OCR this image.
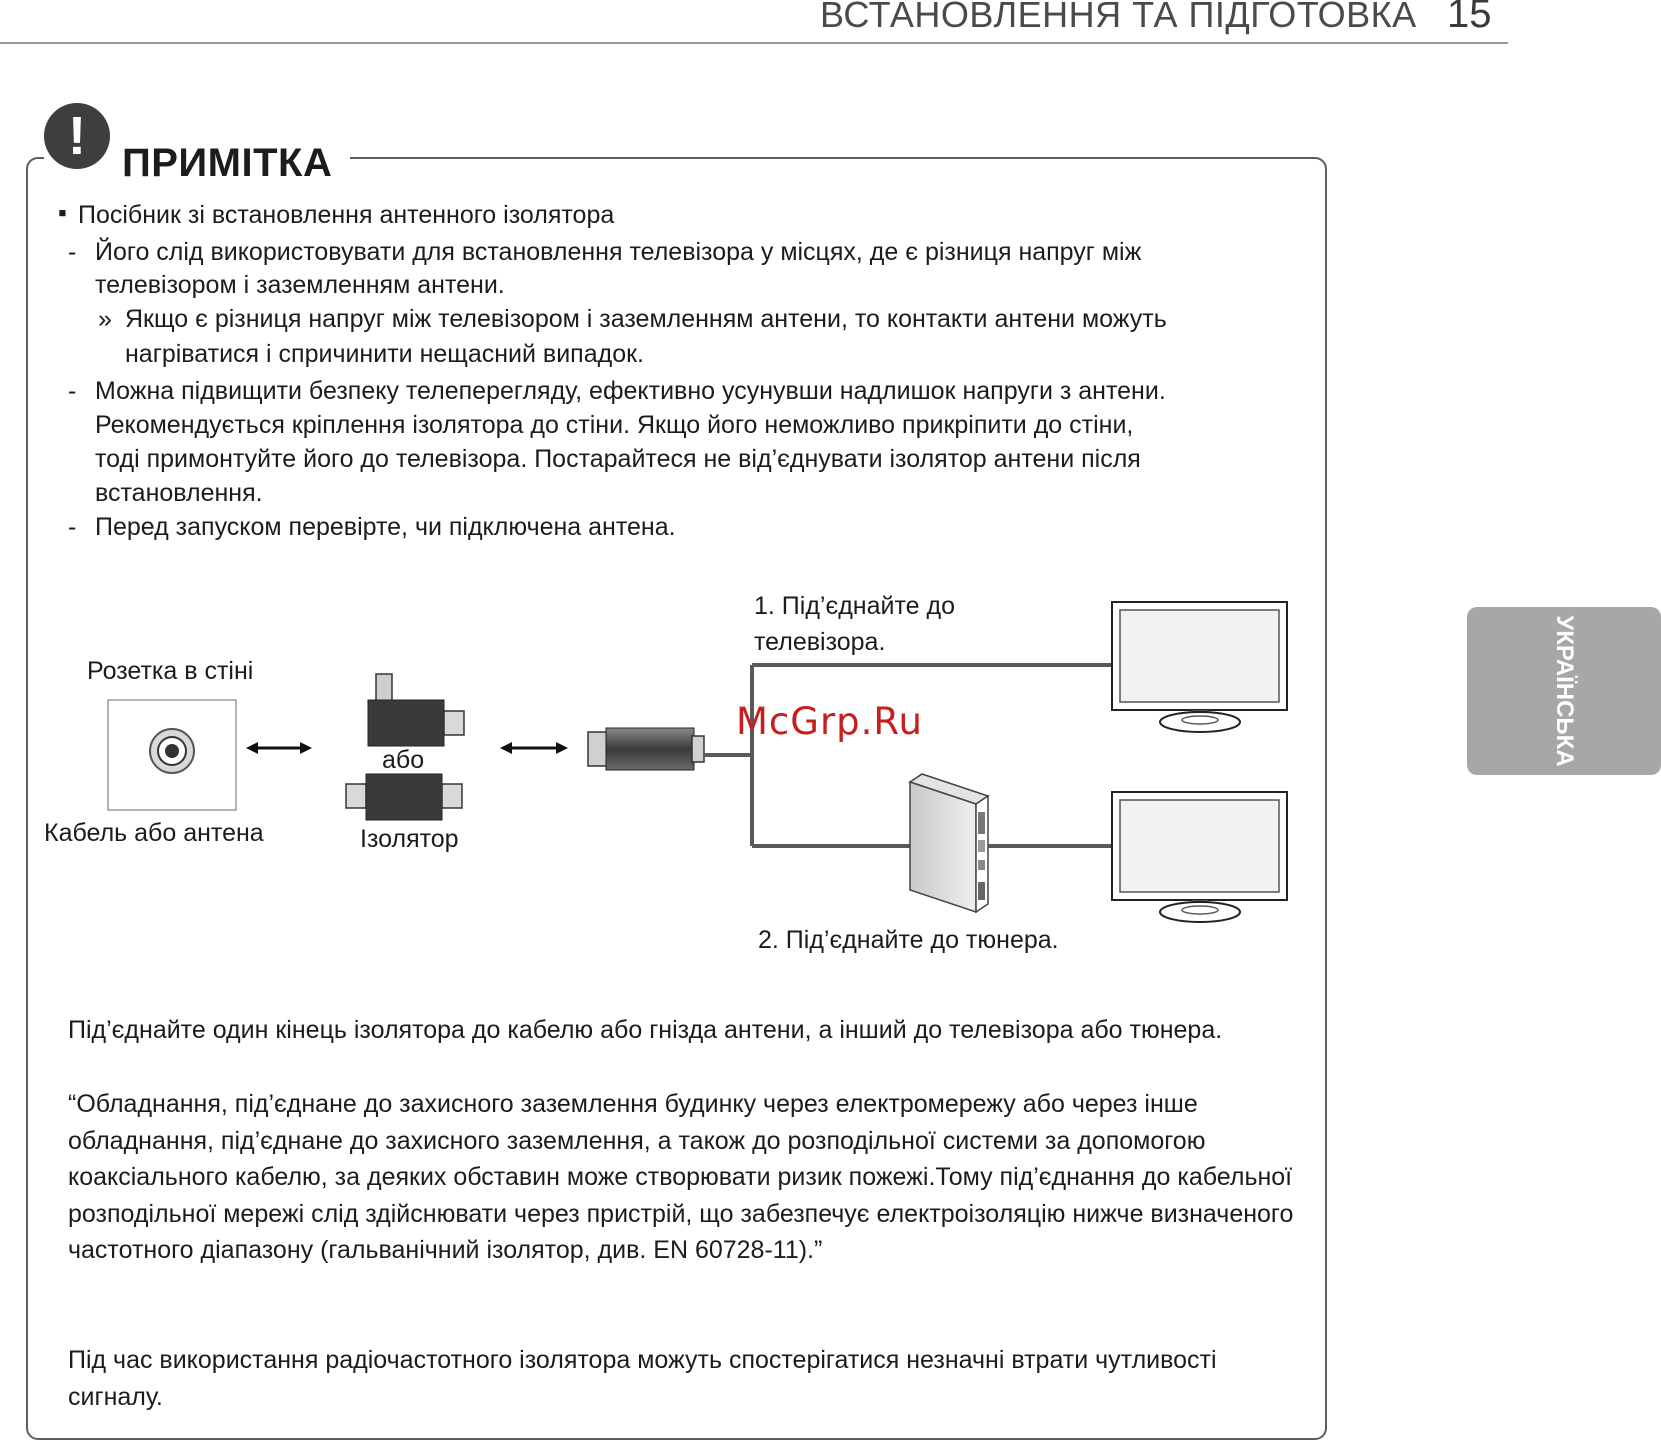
ВСТАНОВЛЕННЯ ТА ПІДГОТОВКА 15
УКРАЇНСЬКА
! ПРИМІТКА
▪ Посібник зі встановлення антенного ізолятора
- Його слід використовувати для встановлення телевізора у місцях, де є різниця напруг між
телевізором і заземленням антени.
» Якщо є різниця напруг між телевізором і заземленням антени, то контакти антени можуть
нагріватися і спричинити нещасний випадок.
- Можна підвищити безпеку телеперегляду, ефективно усунувши надлишок напруги з антени.
Рекомендується кріплення ізолятора до стіни. Якщо його неможливо прикріпити до стіни,
тоді примонтуйте його до телевізора. Постарайтеся не від’єднувати ізолятор антени після
встановлення.
- Перед запуском перевірте, чи підключена антена.
Розетка в стіні
Кабель або антена
або
Ізолятор
1. Під’єднайте до
телевізора.
2. Під’єднайте до тюнера.
McGrp.Ru
Під’єднайте один кінець ізолятора до кабелю або гнізда антени, а інший до телевізора або тюнера.
“Обладнання, під’єднане до захисного заземлення будинку через електромережу або через інше обладнання, під’єднане до захисного заземлення, а також до розподільної системи за допомогою коаксіального кабелю, за деяких обставин може створювати ризик пожежі.Тому під’єднання до кабельної розподільної мережі слід здійснювати через пристрій, що забезпечує електроізоляцію нижче визначеного частотного діапазону (гальванічний ізолятор, див. EN 60728-11).”
Під час використання радіочастотного ізолятора можуть спостерігатися незначні втрати чутливості сигналу.
